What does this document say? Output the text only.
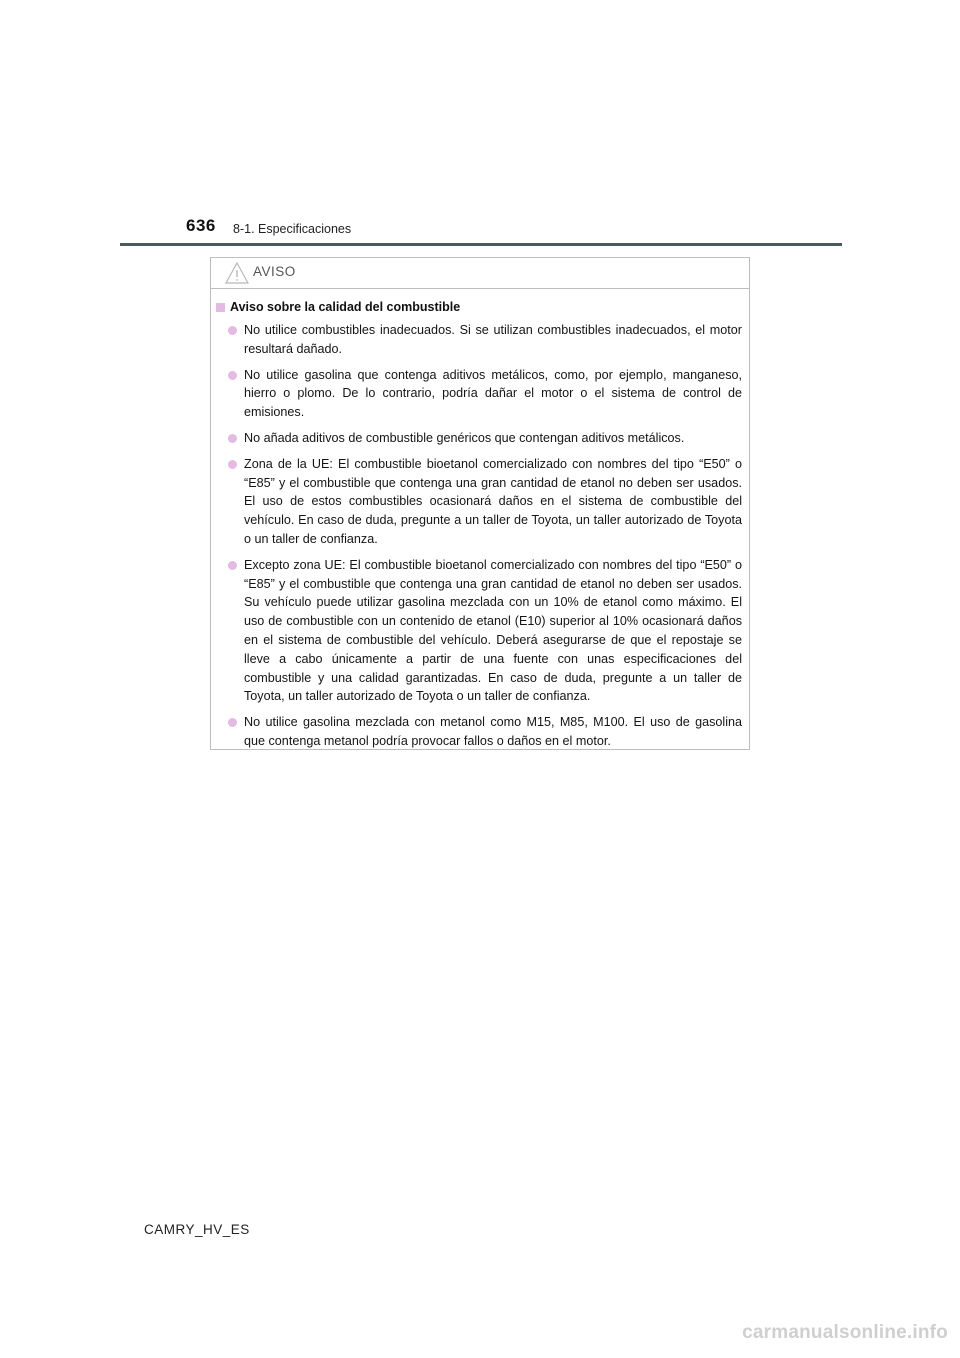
636 8-1. Especificaciones
AVISO
Aviso sobre la calidad del combustible
No utilice combustibles inadecuados. Si se utilizan combustibles inadecuados, el motor resultará dañado.
No utilice gasolina que contenga aditivos metálicos, como, por ejemplo, manganeso, hierro o plomo. De lo contrario, podría dañar el motor o el sistema de control de emisiones.
No añada aditivos de combustible genéricos que contengan aditivos metálicos.
Zona de la UE: El combustible bioetanol comercializado con nombres del tipo “E50” o “E85” y el combustible que contenga una gran cantidad de etanol no deben ser usados. El uso de estos combustibles ocasionará daños en el sistema de combustible del vehículo. En caso de duda, pregunte a un taller de Toyota, un taller autorizado de Toyota o un taller de confianza.
Excepto zona UE: El combustible bioetanol comercializado con nombres del tipo “E50” o “E85” y el combustible que contenga una gran cantidad de etanol no deben ser usados. Su vehículo puede utilizar gasolina mezclada con un 10% de etanol como máximo. El uso de combustible con un contenido de etanol (E10) superior al 10% ocasionará daños en el sistema de combustible del vehículo. Deberá asegurarse de que el repostaje se lleve a cabo únicamente a partir de una fuente con unas especificaciones del combustible y una calidad garantizadas. En caso de duda, pregunte a un taller de Toyota, un taller autorizado de Toyota o un taller de confianza.
No utilice gasolina mezclada con metanol como M15, M85, M100. El uso de gasolina que contenga metanol podría provocar fallos o daños en el motor.
CAMRY_HV_ES
carmanualsonline.info
